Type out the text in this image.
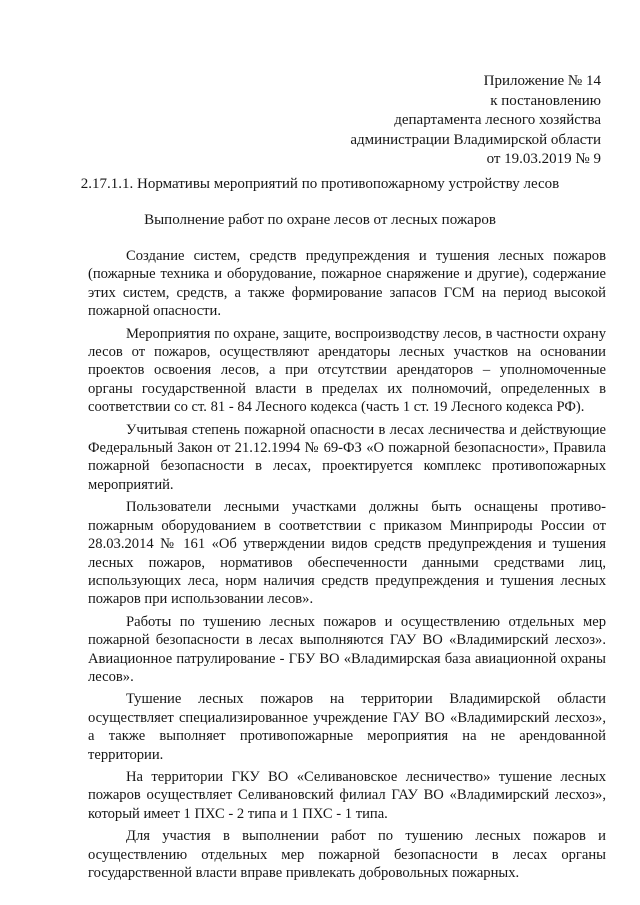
Приложение № 14
к постановлению
департамента лесного хозяйства
администрации Владимирской области
от 19.03.2019 № 9
2.17.1.1. Нормативы мероприятий по противопожарному устройству лесов
Выполнение работ по охране лесов от лесных пожаров

Создание систем, средств предупреждения и тушения лесных пожаров (пожарные техника и оборудование, пожарное снаряжение и другие), содержание этих систем, средств, а также формирование запасов ГСМ на период высокой пожарной опасности.

Мероприятия по охране, защите, воспроизводству лесов, в частности охрану лесов от пожаров, осуществляют арендаторы лесных участков на основании проектов освоения лесов, а при отсутствии арендаторов – уполномоченные органы государственной власти в пределах их полномочий, определенных в соответствии со ст. 81 - 84 Лесного кодекса (часть 1 ст. 19 Лесного кодекса РФ).

Учитывая степень пожарной опасности в лесах лесничества и действующие Федеральный Закон от 21.12.1994 № 69-ФЗ «О пожарной безопасности», Правила пожарной безопасности в лесах, проектируется комплекс противопожарных мероприятий.

Пользователи лесными участками должны быть оснащены противопожарным оборудованием в соответствии с приказом Минприроды России от 28.03.2014 № 161 «Об утверждении видов средств предупреждения и тушения лесных пожаров, нормативов обеспеченности данными средствами лиц, использующих леса, норм наличия средств предупреждения и тушения лесных пожаров при использовании лесов».

Работы по тушению лесных пожаров и осуществлению отдельных мер пожарной безопасности в лесах выполняются ГАУ ВО «Владимирский лесхоз». Авиационное патрулирование - ГБУ ВО «Владимирская база авиационной охраны лесов».

Тушение лесных пожаров на территории Владимирской области осуществляет специализированное учреждение ГАУ ВО «Владимирский лесхоз», а также выполняет противопожарные мероприятия на не арендованной территории.

На территории ГКУ ВО «Селивановское лесничество» тушение лесных пожаров осуществляет Селивановский филиал ГАУ ВО «Владимирский лесхоз», который имеет 1 ПХС - 2 типа и 1 ПХС - 1 типа.

Для участия в выполнении работ по тушению лесных пожаров и осуществлению отдельных мер пожарной безопасности в лесах органы государственной власти вправе привлекать добровольных пожарных.
